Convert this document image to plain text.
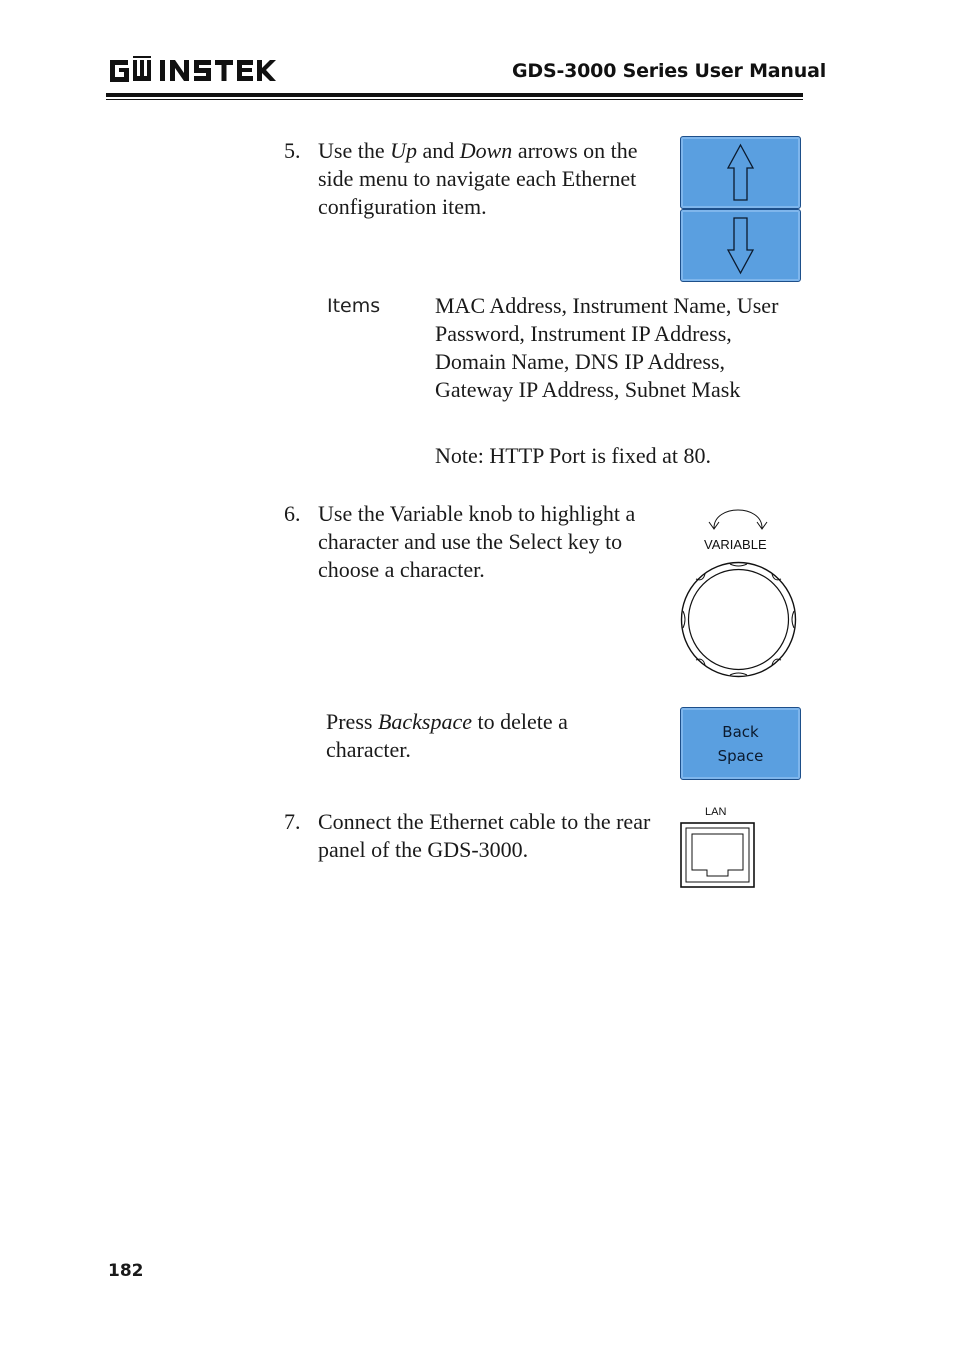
GDS-3000 Series User Manual
5. Use the Up and Down arrows on the side menu to navigate each Ethernet configuration item.
Items MAC Address, Instrument Name, User Password, Instrument IP Address, Domain Name, DNS IP Address, Gateway IP Address, Subnet Mask
Note: HTTP Port is fixed at 80.
6. Use the Variable knob to highlight a character and use the Select key to choose a character.
VARIABLE
Press Backspace to delete a character.
Back
Space
7. Connect the Ethernet cable to the rear panel of the GDS-3000.
LAN
182
